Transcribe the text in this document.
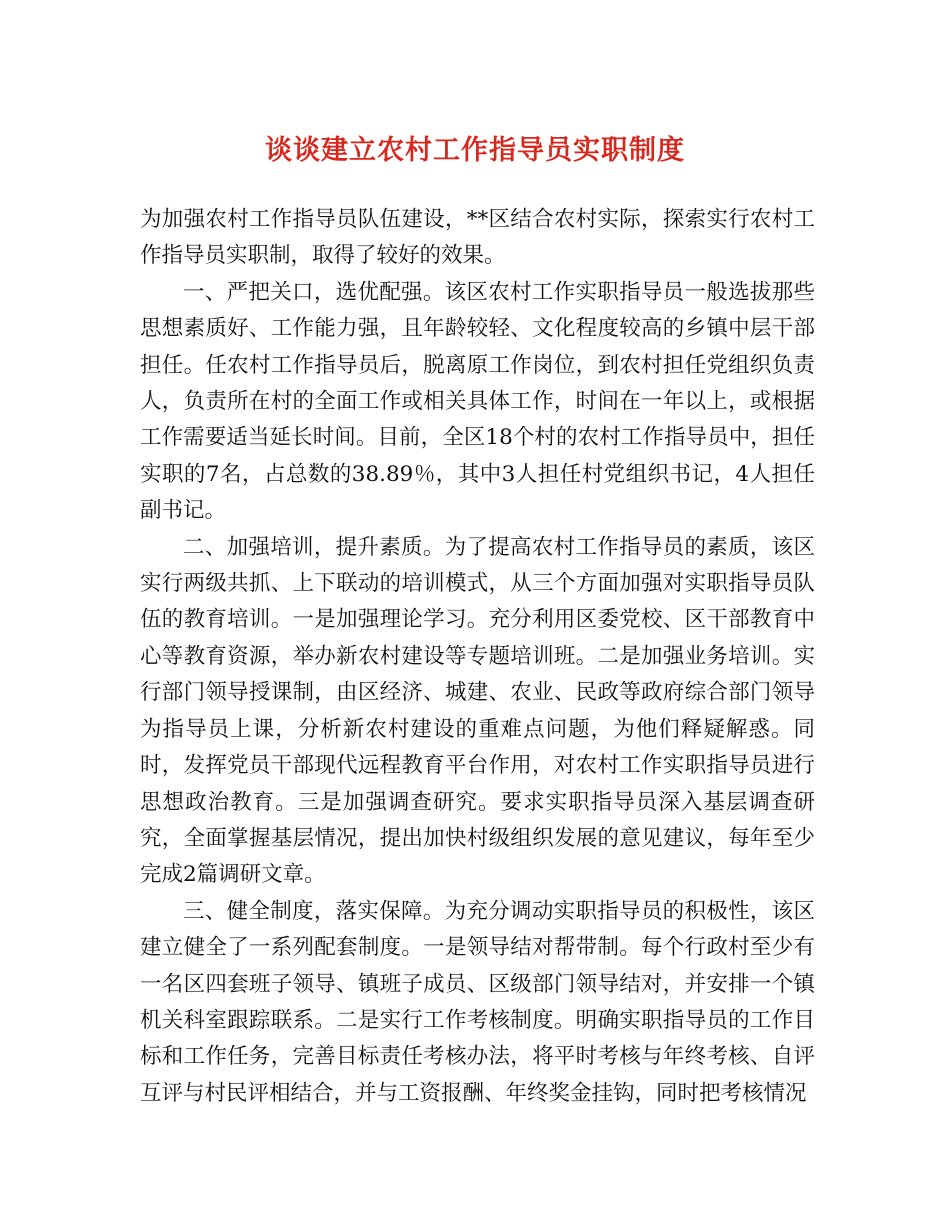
谈谈建立农村工作指导员实职制度

为加强农村工作指导员队伍建设，**区结合农村实际，探索实行农村工作指导员实职制，取得了较好的效果。

一、严把关口，选优配强。该区农村工作实职指导员一般选拔那些思想素质好、工作能力强，且年龄较轻、文化程度较高的乡镇中层干部担任。任农村工作指导员后，脱离原工作岗位，到农村担任党组织负责人，负责所在村的全面工作或相关具体工作，时间在一年以上，或根据工作需要适当延长时间。目前，全区18个村的农村工作指导员中，担任实职的7名，占总数的38.89％，其中3人担任村党组织书记，4人担任副书记。

二、加强培训，提升素质。为了提高农村工作指导员的素质，该区实行两级共抓、上下联动的培训模式，从三个方面加强对实职指导员队伍的教育培训。一是加强理论学习。充分利用区委党校、区干部教育中心等教育资源，举办新农村建设等专题培训班。二是加强业务培训。实行部门领导授课制，由区经济、城建、农业、民政等政府综合部门领导为指导员上课，分析新农村建设的重难点问题，为他们释疑解惑。同时，发挥党员干部现代远程教育平台作用，对农村工作实职指导员进行思想政治教育。三是加强调查研究。要求实职指导员深入基层调查研究，全面掌握基层情况，提出加快村级组织发展的意见建议，每年至少完成2篇调研文章。

三、健全制度，落实保障。为充分调动实职指导员的积极性，该区建立健全了一系列配套制度。一是领导结对帮带制。每个行政村至少有一名区四套班子领导、镇班子成员、区级部门领导结对，并安排一个镇机关科室跟踪联系。二是实行工作考核制度。明确实职指导员的工作目标和工作任务，完善目标责任考核办法，将平时考核与年终考核、自评互评与村民评相结合，并与工资报酬、年终奖金挂钩，同时把考核情况
